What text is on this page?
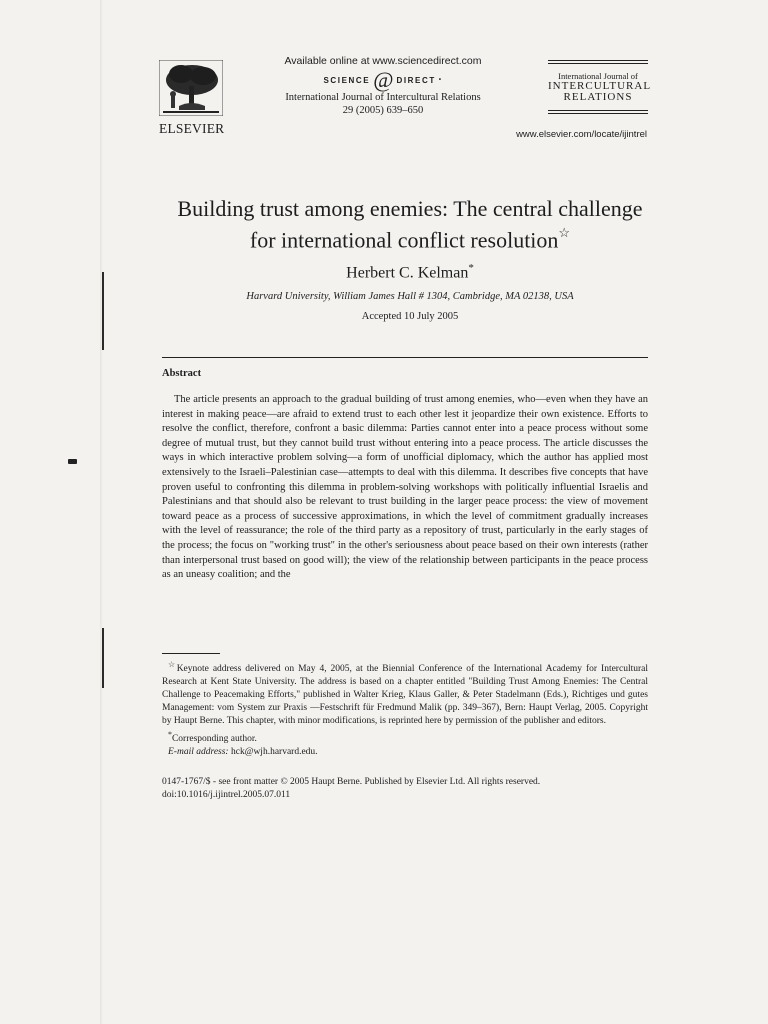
ELSEVIER
Available online at www.sciencedirect.com
SCIENCE @ DIRECT •
International Journal of Intercultural Relations
29 (2005) 639–650
International Journal of
INTERCULTURAL
RELATIONS
www.elsevier.com/locate/ijintrel
Building trust among enemies: The central challenge
for international conflict resolution☆
Herbert C. Kelman*
Harvard University, William James Hall # 1304, Cambridge, MA 02138, USA
Accepted 10 July 2005
Abstract
The article presents an approach to the gradual building of trust among enemies, who—even when they have an interest in making peace—are afraid to extend trust to each other lest it jeopardize their own existence. Efforts to resolve the conflict, therefore, confront a basic dilemma: Parties cannot enter into a peace process without some degree of mutual trust, but they cannot build trust without entering into a peace process. The article discusses the ways in which interactive problem solving—a form of unofficial diplomacy, which the author has applied most extensively to the Israeli–Palestinian case—attempts to deal with this dilemma. It describes five concepts that have proven useful to confronting this dilemma in problem-solving workshops with politically influential Israelis and Palestinians and that should also be relevant to trust building in the larger peace process: the view of movement toward peace as a process of successive approximations, in which the level of commitment gradually increases with the level of reassurance; the role of the third party as a repository of trust, particularly in the early stages of the process; the focus on "working trust" in the other's seriousness about peace based on their own interests (rather than interpersonal trust based on good will); the view of the relationship between participants in the peace process as an uneasy coalition; and the

☆Keynote address delivered on May 4, 2005, at the Biennial Conference of the International Academy for Intercultural Research at Kent State University. The address is based on a chapter entitled "Building Trust Among Enemies: The Central Challenge to Peacemaking Efforts," published in Walter Krieg, Klaus Galler, & Peter Stadelmann (Eds.), Richtiges und gutes Management: vom System zur Praxis —Festschrift für Fredmund Malik (pp. 349–367), Bern: Haupt Verlag, 2005. Copyright by Haupt Berne. This chapter, with minor modifications, is reprinted here by permission of the publisher and editors.

*Corresponding author.

E-mail address: hck@wjh.harvard.edu.

0147-1767/$ - see front matter © 2005 Haupt Berne. Published by Elsevier Ltd. All rights reserved.
doi:10.1016/j.ijintrel.2005.07.011
